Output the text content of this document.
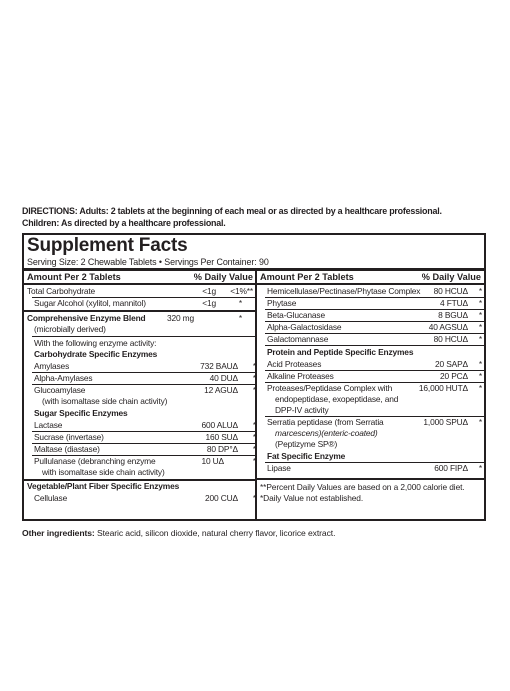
DIRECTIONS: Adults: 2 tablets at the beginning of each meal or as directed by a healthcare professional.
Children: As directed by a healthcare professional.
Supplement Facts
Serving Size: 2 Chewable Tablets • Servings Per Container: 90
Amount Per 2 Tablets	% Daily Value
Total Carbohydrate	<1g <1%**
Sugar Alcohol (xylitol, mannitol)	<1g	*
Comprehensive Enzyme Blend	320 mg	*
(microbially derived)
With the following enzyme activity:
Carbohydrate Specific Enzymes
Amylases	732 BAUΔ *
Alpha-Amylases	40 DUΔ *
Glucoamylase	12 AGUΔ *
(with isomaltase side chain activity)
Sugar Specific Enzymes
Lactase	600 ALUΔ *
Sucrase (invertase)	160 SUΔ *
Maltase (diastase)	80 DP°Δ *
Pullulanase (debranching enzyme	10 UΔ	*
with isomaltase side chain activity)
Vegetable/Plant Fiber Specific Enzymes
Cellulase	200 CUΔ *
Amount Per 2 Tablets	% Daily Value
Hemicellulase/Pectinase/Phytase Complex 80 HCUΔ *
Phytase	4 FTUΔ *
Beta-Glucanase	8 BGUΔ *
Alpha-Galactosidase	40 AGSUΔ *
Galactomannase	80 HCUΔ *
Protein and Peptide Specific Enzymes
Acid Proteases	20 SAPΔ *
Alkaline Proteases	20 PCΔ *
Proteases/Peptidase Complex with	16,000 HUTΔ *
endopeptidase, exopeptidase, and
DPP-IV activity
Serratia peptidase (from Serratia	1,000 SPUΔ *
marcescens)(enteric-coated)
(Peptizyme SP®)
Fat Specific Enzyme
Lipase	600 FIPΔ *
**Percent Daily Values are based on a 2,000 calorie diet.
*Daily Value not established.
Other ingredients: Stearic acid, silicon dioxide, natural cherry flavor, licorice extract.
